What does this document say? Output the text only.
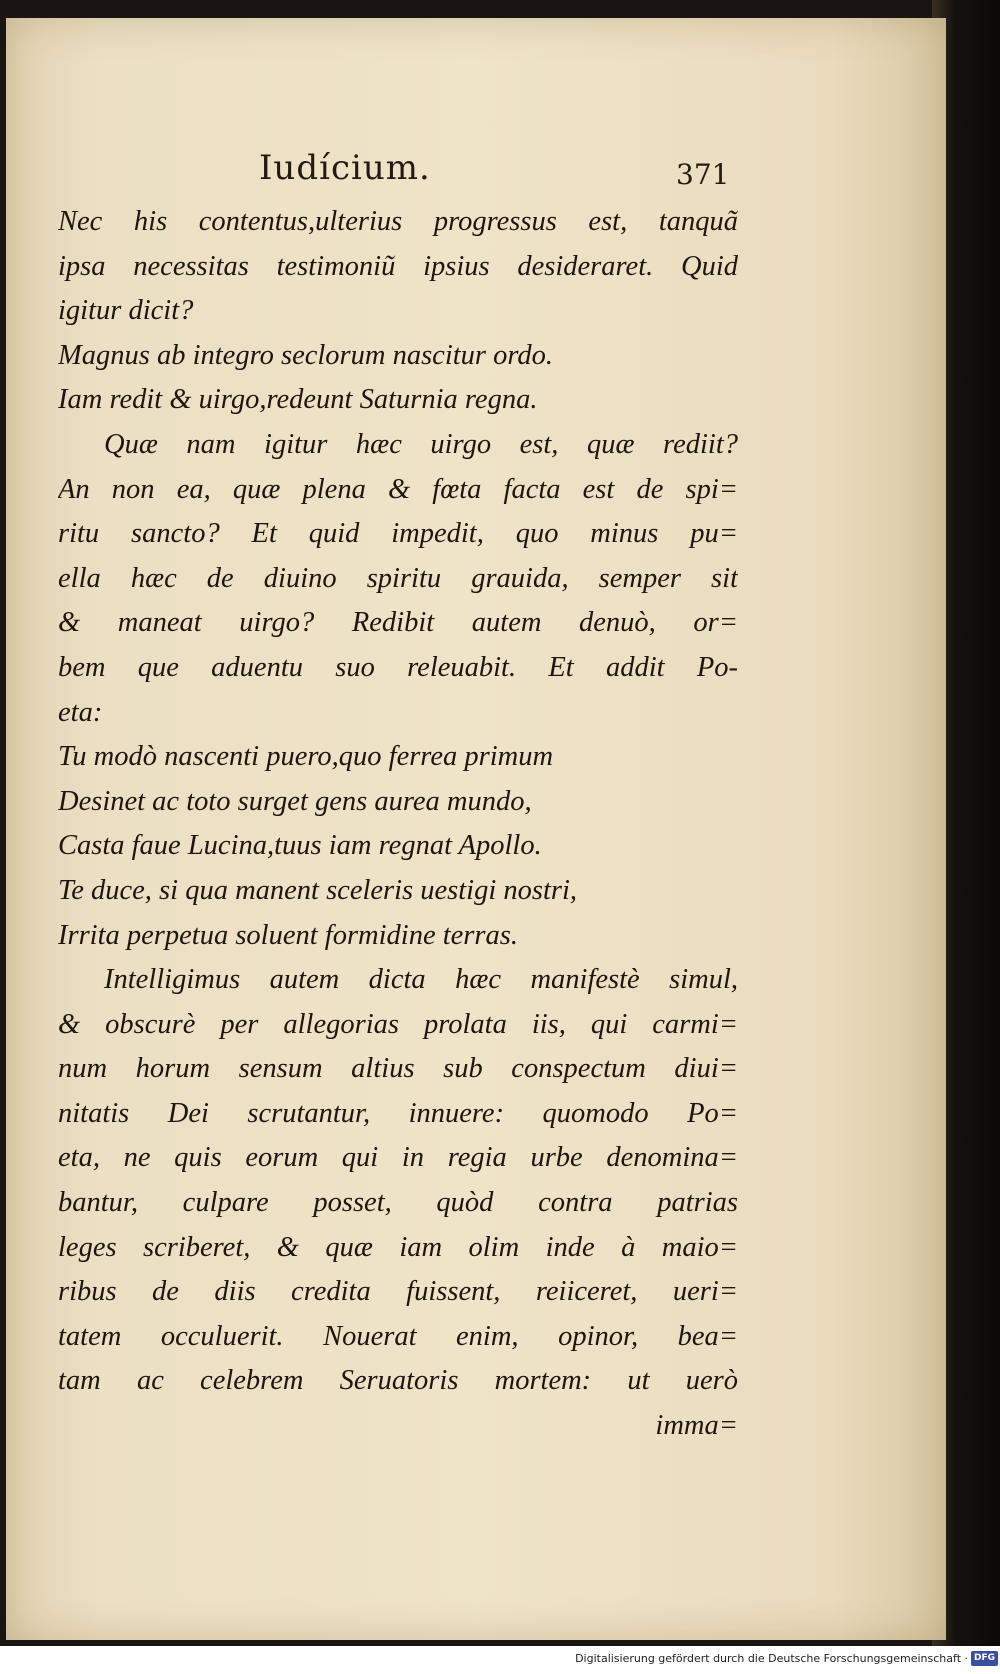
Iudícium.	371
Nec his contentus,ulterius progressus est, tanquã
ipsa necessitas testimoniũ ipsius desideraret. Quid
igitur dicit?
Magnus ab integro seclorum nascitur ordo.
Iam redit & uirgo,redeunt Saturnia regna.
Quæ nam igitur hæc uirgo est, quæ rediit?
An non ea, quæ plena & fœta facta est de spi=
ritu sancto? Et quid impedit, quo minus pu=
ella hæc de diuino spiritu grauida, semper sit
& maneat uirgo? Redibit autem denuò, or=
bem que aduentu suo releuabit. Et addit Po-
eta:
Tu modò nascenti puero,quo ferrea primum
Desinet ac toto surget gens aurea mundo,
Casta faue Lucina,tuus iam regnat Apollo.
Te duce, si qua manent sceleris uestigi nostri,
Irrita perpetua soluent formidine terras.
Intelligimus autem dicta hæc manifestè simul,
& obscurè per allegorias prolata iis, qui carmi=
num horum sensum altius sub conspectum diui=
nitatis Dei scrutantur, innuere: quomodo Po=
eta, ne quis eorum qui in regia urbe denomina=
bantur, culpare posset, quòd contra patrias
leges scriberet, & quæ iam olim inde à maio=
ribus de diis credita fuissent, reiiceret, ueri=
tatem occuluerit. Nouerat enim, opinor, bea=
tam ac celebrem Seruatoris mortem: ut uerò
imma=
Digitalisierung gefördert durch die Deutsche Forschungsgemeinschaft · DFG
